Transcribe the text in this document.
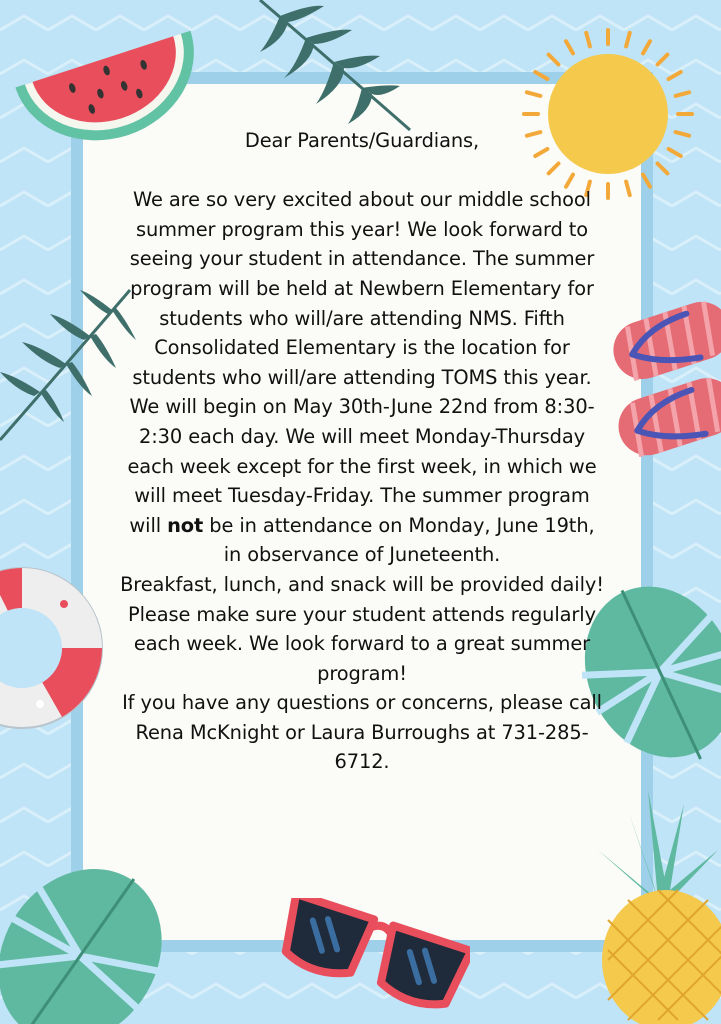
Dear Parents/Guardians,

We are so very excited about our middle school summer program this year! We look forward to seeing your student in attendance. The summer program will be held at Newbern Elementary for students who will/are attending NMS. Fifth Consolidated Elementary is the location for students who will/are attending TOMS this year.

We will begin on May 30th-June 22nd from 8:30-2:30 each day. We will meet Monday-Thursday each week except for the first week, in which we will meet Tuesday-Friday. The summer program will not be in attendance on Monday, June 19th, in observance of Juneteenth.

Breakfast, lunch, and snack will be provided daily! Please make sure your student attends regularly each week. We look forward to a great summer program!

If you have any questions or concerns, please call Rena McKnight or Laura Burroughs at 731-285-6712.
